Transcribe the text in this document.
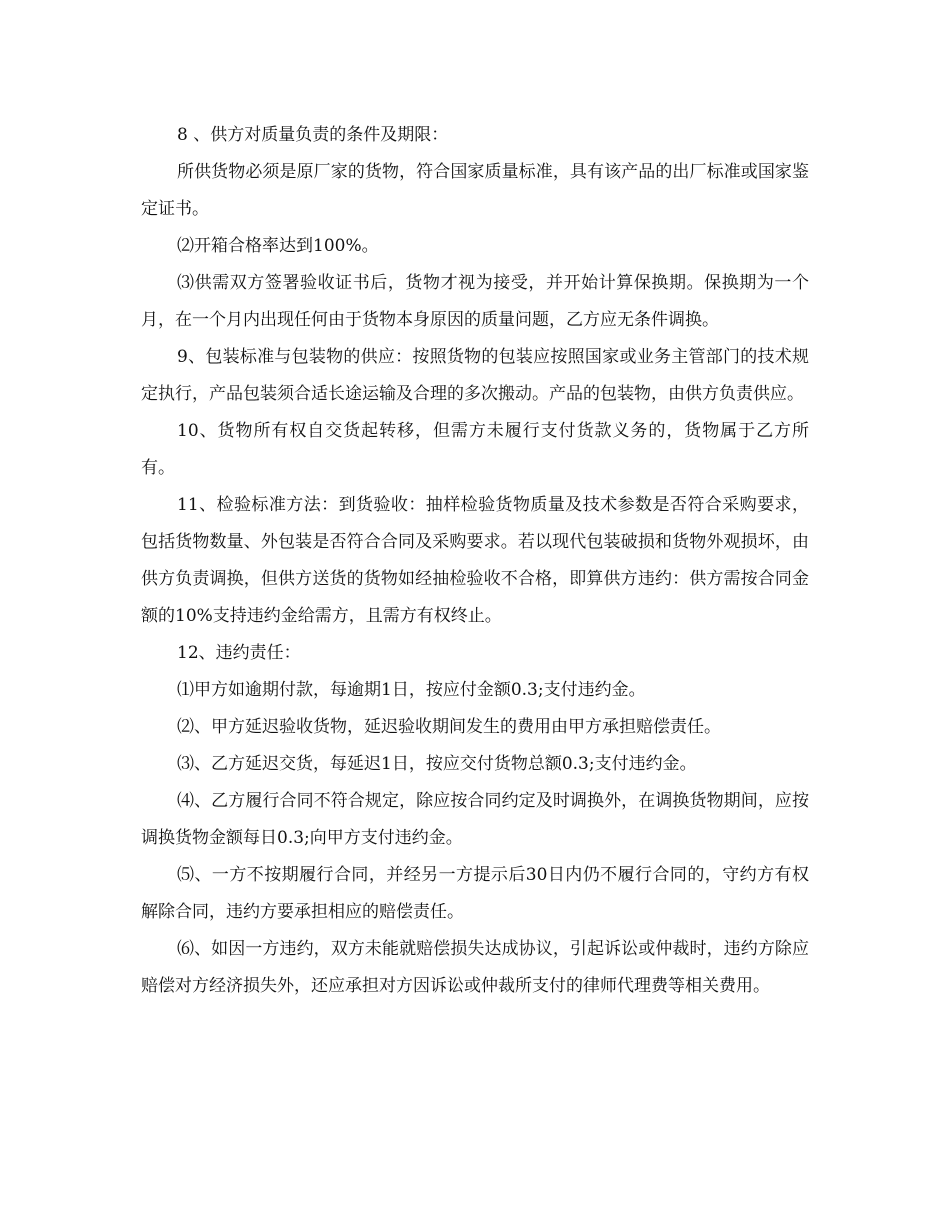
8 、供方对质量负责的条件及期限：

所供货物必须是原厂家的货物，符合国家质量标准，具有该产品的出厂标准或国家鉴定证书。

⑵开箱合格率达到100%。

⑶供需双方签署验收证书后，货物才视为接受，并开始计算保换期。保换期为一个月，在一个月内出现任何由于货物本身原因的质量问题，乙方应无条件调换。

9、包装标准与包装物的供应：按照货物的包装应按照国家或业务主管部门的技术规定执行，产品包装须合适长途运输及合理的多次搬动。产品的包装物，由供方负责供应。

10、货物所有权自交货起转移，但需方未履行支付货款义务的，货物属于乙方所有。

11、检验标准方法：到货验收：抽样检验货物质量及技术参数是否符合采购要求，包括货物数量、外包装是否符合合同及采购要求。若以现代包装破损和货物外观损坏，由供方负责调换，但供方送货的货物如经抽检验收不合格，即算供方违约：供方需按合同金额的10%支持违约金给需方，且需方有权终止。

12、违约责任：

⑴甲方如逾期付款，每逾期1日，按应付金额0.3;支付违约金。

⑵、甲方延迟验收货物，延迟验收期间发生的费用由甲方承担赔偿责任。

⑶、乙方延迟交货，每延迟1日，按应交付货物总额0.3;支付违约金。

⑷、乙方履行合同不符合规定，除应按合同约定及时调换外，在调换货物期间，应按调换货物金额每日0.3;向甲方支付违约金。

⑸、一方不按期履行合同，并经另一方提示后30日内仍不履行合同的，守约方有权解除合同，违约方要承担相应的赔偿责任。

⑹、如因一方违约，双方未能就赔偿损失达成协议，引起诉讼或仲裁时，违约方除应赔偿对方经济损失外，还应承担对方因诉讼或仲裁所支付的律师代理费等相关费用。
